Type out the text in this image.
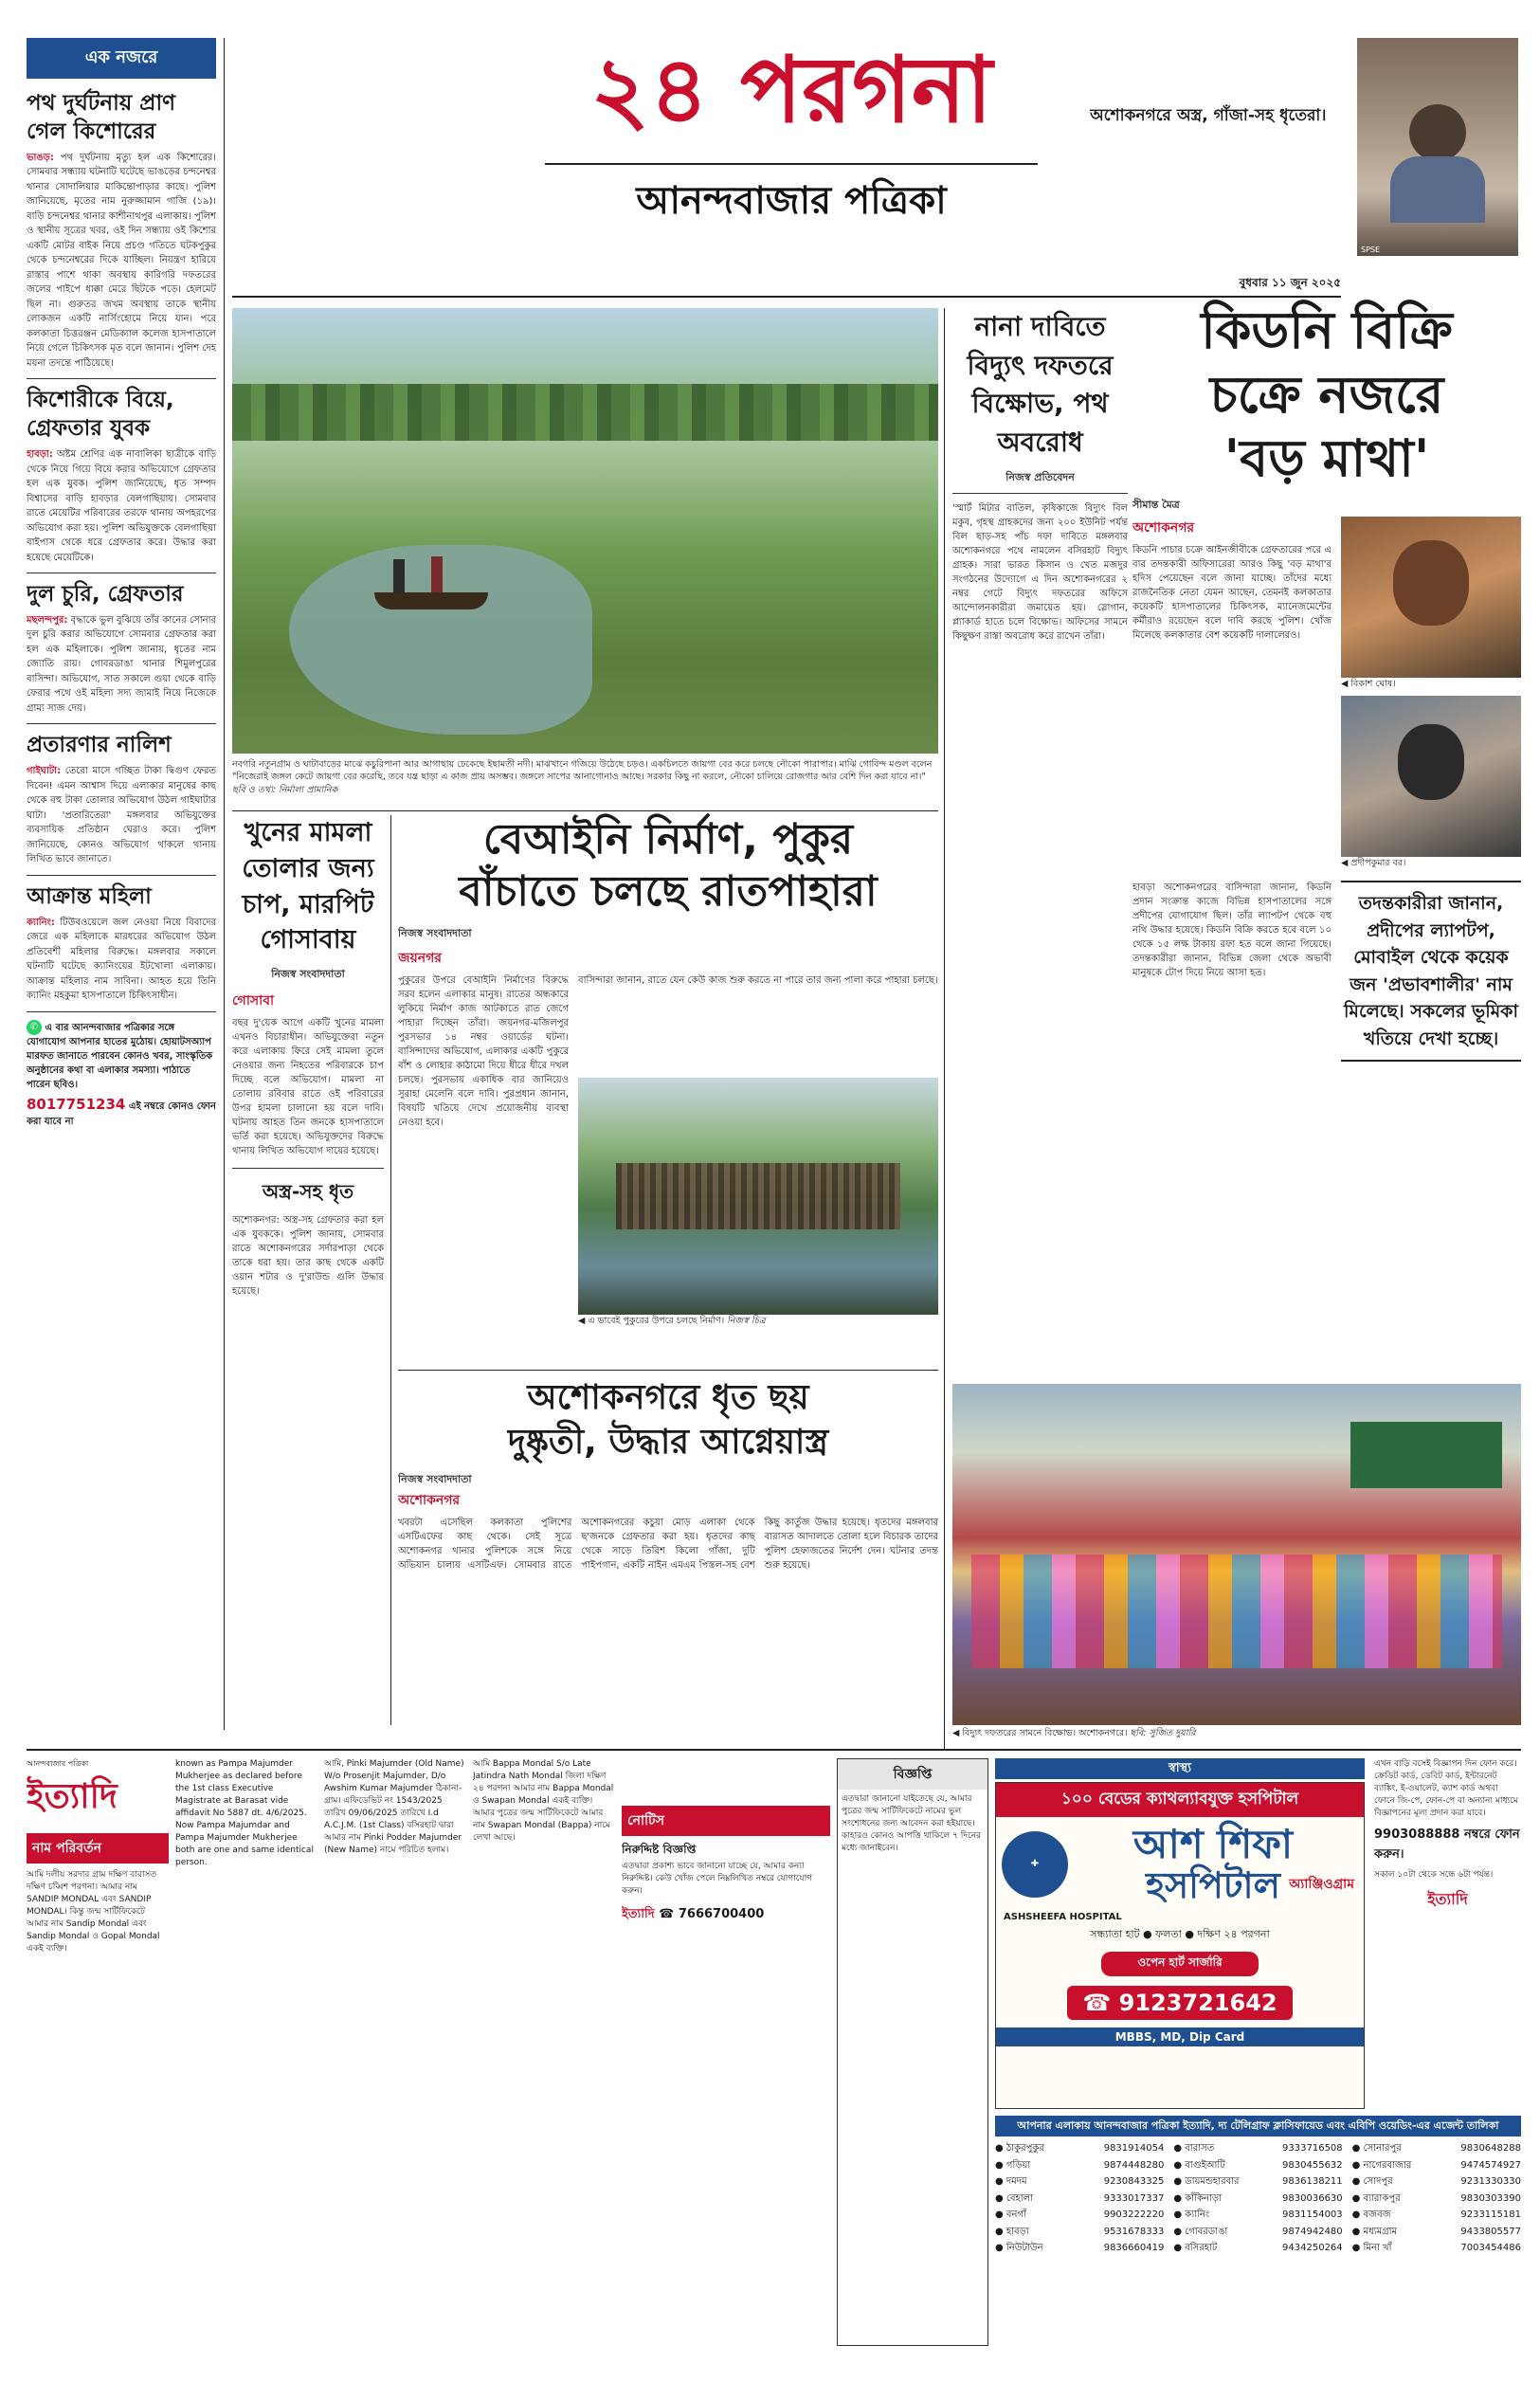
এক নজরে

পথ দুর্ঘটনায় প্রাণ গেল কিশোরের

ভাঙড়: পথ দুর্ঘটনায় মৃত্যু হল এক কিশোরের। সোমবার সন্ধ্যায় ঘটনাটি ঘটেছে ভাঙড়ের চন্দনেশ্বর থানার সোদালিয়ার মাকিন্তোপাড়ার কাছে। পুলিশ জানিয়েছে, মৃতের নাম নুরুজ্জামান গাজি (১৯)। বাড়ি চন্দনেশ্বর থানার কাশীনাথপুর এলাকায়। পুলিশ ও স্থানীয় সূত্রের খবর, ওই দিন সন্ধ্যায় ওই কিশোর একটি মোটর বাইক নিয়ে প্রচণ্ড গতিতে ঘটকপুকুর থেকে চন্দনেশ্বরের দিকে যাচ্ছিল। নিয়ন্ত্রণ হারিয়ে রাস্তার পাশে থাকা অবস্থায় কারিগরি দফতরের জলের পাইপে ধাক্কা মেরে ছিটকে পড়ে। হেলমেট ছিল না। গুরুতর জখম অবস্থায় তাকে স্থানীয় লোকজন একটি নার্সিংহোমে নিয়ে যান। পরে কলকাতা চিত্তরঞ্জন মেডিক্যাল কলেজ হাসপাতালে নিয়ে গেলে চিকিৎসক মৃত বলে জানান। পুলিশ দেহ ময়না তদন্তে পাঠিয়েছে।

কিশোরীকে বিয়ে, গ্রেফতার যুবক

হাবড়া: অষ্টম শ্রেণির এক নাবালিকা ছাত্রীকে বাড়ি থেকে নিয়ে গিয়ে বিয়ে করার অভিযোগে গ্রেফতার হল এক যুবক। পুলিশ জানিয়েছে, ধৃত সম্পদ বিশ্বাসের বাড়ি হাবড়ার বেলগাছিয়ায়। সোমবার রাতে মেয়েটির পরিবারের তরফে থানায় অপহরণের অভিযোগ করা হয়। পুলিশ অভিযুক্তকে বেলগাছিয়া বাইপাস থেকে ধরে গ্রেফতার করে। উদ্ধার করা হয়েছে মেয়েটিকে।

দুল চুরি, গ্রেফতার

মছলন্দপুর: বৃদ্ধাকে ভুল বুঝিয়ে তাঁর কানের সোনার দুল চুরি করার অভিযোগে সোমবার গ্রেফতার করা হল এক মহিলাকে। পুলিশ জানায়, ধৃতের নাম জ্যোতি রায়। গোবরডাঙা থানার শিমুলপুরের বাসিন্দা। অভিযোগ, সাত সকালে গুয়া থেকে বাড়ি ফেরার পথে ওই মহিলা সদ্য জামাই নিয়ে নিজেকে গ্রাম্য সাজ দেয়।

প্রতারণার নালিশ

গাইঘাটা: তেরো মাসে গচ্ছিত টাকা দ্বিগুণ ফেরত দিবেন! এমন আশ্বাস দিয়ে এলাকার মানুষের কাছ থেকে বহু টাকা তোলার অভিযোগ উঠল গাইঘাটার ঘাটা। 'প্রতারিতেরা' মঙ্গলবার অভিযুক্তের ব্যবসায়িক প্রতিষ্ঠান ঘেরাও করে। পুলিশ জানিয়েছে, কোনও অভিযোগ থাকলে থানায় লিখিত ভাবে জানাতে।

আক্রান্ত মহিলা

ক্যানিং: টিউবওয়েলে জল নেওয়া নিয়ে বিবাদের জেরে এক মহিলাকে মারধরের অভিযোগ উঠল প্রতিবেশী মহিলার বিরুদ্ধে। মঙ্গলবার সকালে ঘটনাটি ঘটেছে ক্যানিংয়ের ইটখোলা এলাকায়। আক্রান্ত মহিলার নাম সাবিনা। আহত হয়ে তিনি ক্যানিং মহকুমা হাসপাতালে চিকিৎসাধীন।

✆ এ বার আনন্দবাজার পত্রিকার সঙ্গে যোগাযোগ আপনার হাতের মুঠোয়। হোয়াটসঅ্যাপ মারফত জানাতে পারবেন কোনও খবর, সাংস্কৃতিক অনুষ্ঠানের কথা বা এলাকার সমস্যা। পাঠাতে পারেন ছবিও।
8017751234 এই নম্বরে কোনও ফোন করা যাবে না
২৪ পরগনা
আনন্দবাজার পত্রিকা
বুধবার ১১ জুন ২০২৫
অশোকনগরে অস্ত্র, গাঁজা-সহ ধৃতেরা।
SPSE
নবগরি নতুনগ্রাম ও ঘাটাবাড়ের মাঝে কচুরিপানা আর আগাছায় ঢেকেছে ইছামতী নদী। মাঝখানে গজিয়ে উঠেছে চড়ও। একচিলতে জায়গা বের করে চলছে নৌকো পারাপার। মাঝি গোবিন্দ মণ্ডল বলেন "নিজেরাই জঙ্গল কেটে জায়গা বের করেছি, তবে যন্ত্র ছাড়া এ কাজ প্রায় অসম্ভব। জঙ্গলে সাপের আনাগোনাও আছে। সরকার কিছু না করলে, নৌকো চালিয়ে রোজগার আর বেশি দিন করা যাবে না।" ছবি ও তথ্য: নির্মাল্য প্রামানিক
নানা দাবিতে বিদ্যুৎ দফতরে বিক্ষোভ, পথ অবরোধ
নিজস্ব প্রতিবেদন
'স্মার্ট মিটার বাতিল, কৃষিকাজে বিদ্যুৎ বিল মকুব, গৃহস্থ গ্রাহকদের জন্য ২০০ ইউনিট পর্যন্ত বিল ছাড়-সহ পাঁচ দফা দাবিতে মঙ্গলবার অশোকনগরে পথে নামলেন বসিরহাট বিদ্যুৎ গ্রাহক। সারা ভারত কিসান ও খেত মজদুর সংগঠনের উদ্যোগে এ দিন অশোকনগরের ২ নম্বর গেটে বিদ্যুৎ দফতরের অফিসে আন্দোলনকারীরা জমায়েত হয়। স্লোগান, প্ল্যাকার্ড হাতে চলে বিক্ষোভ। অফিসের সামনে কিছুক্ষণ রাস্তা অবরোধ করে রাখেন তাঁরা।
কিডনি বিক্রি
চক্রে নজরে
'বড় মাথা'
সীমান্ত মৈত্র
অশোকনগর
কিডনি পাচার চক্রে আইনজীবীকে গ্রেফতারের পরে এ বার তদন্তকারী অফিসারেরা আরও কিছু 'বড় মাথা'র হদিস পেয়েছেন বলে জানা যাচ্ছে। তাঁদের মধ্যে রাজনৈতিক নেতা যেমন আছেন, তেমনই কলকাতার কয়েকটি হাসপাতালের চিকিৎসক, ম্যানেজমেন্টের কর্মীরাও রয়েছেন বলে দাবি করছে পুলিশ। খোঁজ মিলেছে কলকাতার বেশ কয়েকটি দালালেরও।
◀ বিকাশ ঘোষ।
◀ প্রদীপকুমার বর।
হাবড়া অশোকনগরের বাসিন্দারা জানান, কিডনি প্রদান সংক্রান্ত কাজে বিভিন্ন হাসপাতালের সঙ্গে প্রদীপের যোগাযোগ ছিল। তাঁর ল্যাপটপ থেকে বহু নথি উদ্ধার হয়েছে। কিডনি বিক্রি করতে হবে বলে ১০ থেকে ১৫ লক্ষ টাকায় রফা হত বলে জানা গিয়েছে। তদন্তকারীরা জানান, বিভিন্ন জেলা থেকে অভাবী মানুষকে টোপ দিয়ে নিয়ে আসা হত।
তদন্তকারীরা জানান, প্রদীপের ল্যাপটপ, মোবাইল থেকে কয়েক জন 'প্রভাবশালীর' নাম মিলেছে। সকলের ভূমিকা খতিয়ে দেখা হচ্ছে।
◀ বিদ্যুৎ দফতরের সামনে বিক্ষোভ। অশোকনগরে। ছবি: সুজিত দুয়ারি
খুনের মামলা তোলার জন্য চাপ, মারপিট গোসাবায়
নিজস্ব সংবাদদাতা
গোসাবা
বছর দু'য়েক আগে একটি খুনের মামলা এখনও বিচারাধীন। অভিযুক্তেরা নতুন করে এলাকায় ফিরে সেই মামলা তুলে নেওয়ার জন্য নিহতের পরিবারকে চাপ দিচ্ছে বলে অভিযোগ। মামলা না তোলায় রবিবার রাতে ওই পরিবারের উপর হামলা চালানো হয় বলে দাবি। ঘটনায় আহত তিন জনকে হাসপাতালে ভর্তি করা হয়েছে। অভিযুক্তদের বিরুদ্ধে থানায় লিখিত অভিযোগ দায়ের হয়েছে।
অস্ত্র-সহ ধৃত
অশোকনগর: অস্ত্র-সহ গ্রেফতার করা হল এক যুবককে। পুলিশ জানায়, সোমবার রাতে অশোকনগরের সর্দারপাড়া থেকে তাকে ধরা হয়। তার কাছ থেকে একটি ওয়ান শটার ও দু'রাউন্ড গুলি উদ্ধার হয়েছে।
বেআইনি নির্মাণ, পুকুর
বাঁচাতে চলছে রাতপাহারা
নিজস্ব সংবাদদাতা
জয়নগর
পুকুরের উপরে বেআইনি নির্মাণের বিরুদ্ধে সরব হলেন এলাকার মানুষ। রাতের অন্ধকারে লুকিয়ে নির্মাণ কাজ আটকাতে রাত জেগে পাহারা দিচ্ছেন তাঁরা। জয়নগর-মজিলপুর পুরসভার ১৪ নম্বর ওয়ার্ডের ঘটনা। বাসিন্দাদের অভিযোগ, এলাকার একটি পুকুরে বাঁশ ও লোহার কাঠামো দিয়ে ধীরে ধীরে দখল চলছে। পুরসভায় একাধিক বার জানিয়েও সুরাহা মেলেনি বলে দাবি। পুরপ্রধান জানান, বিষয়টি খতিয়ে দেখে প্রয়োজনীয় ব্যবস্থা নেওয়া হবে।
বাসিন্দারা জানান, রাতে যেন কেউ কাজ শুরু করতে না পারে তার জন্য পালা করে পাহারা চলছে।
◀ এ ভাবেই পুকুরের উপরে চলছে নির্মাণ। নিজস্ব চিত্র
অশোকনগরে ধৃত ছয়
দুষ্কৃতী, উদ্ধার আগ্নেয়াস্ত্র
নিজস্ব সংবাদদাতা
অশোকনগর
খবরটা এসেছিল কলকাতা পুলিশের এসটিএফের কাছ থেকে। সেই সূত্রে অশোকনগর থানার পুলিশকে সঙ্গে নিয়ে অভিযান চালায় এসটিএফ। সোমবার রাতে অশোকনগরের কচুয়া মোড় এলাকা থেকে ছ'জনকে গ্রেফতার করা হয়। ধৃতদের কাছ থেকে সাড়ে তিরিশ কিলো গাঁজা, দুটি পাইপগান, একটি নাইন এমএম পিস্তল-সহ বেশ কিছু কার্তুজ উদ্ধার হয়েছে। ধৃতদের মঙ্গলবার বারাসত আদালতে তোলা হলে বিচারক তাদের পুলিশ হেফাজতের নির্দেশ দেন। ঘটনার তদন্ত শুরু হয়েছে।
আনন্দবাজার পত্রিকা
ইত্যাদি
নাম পরিবর্তন
আমি দলীয় সরদার গ্রাম দক্ষিণ বারাসত দক্ষিণ চব্বিশ পরগনা। আমার নাম SANDIP MONDAL এবং SANDIP MONDAL। কিন্তু জন্ম সার্টিফিকেটে আমার নাম Sandip Mondal এবং Sandip Mondal ও Gopal Mondal একই ব্যক্তি।
known as Pampa Majumder Mukherjee as declared before the 1st class Executive Magistrate at Barasat vide affidavit No 5887 dt. 4/6/2025. Now Pampa Majumdar and Pampa Majumder Mukherjee both are one and same identical person.
আমি, Pinki Majumder (Old Name) W/o Prosenjit Majumder, D/o Awshim Kumar Majumder ঠিকানা-গ্রাম। এফিডেভিট নং 1543/2025 তারিখ 09/06/2025 তারিখে I.d A.C.J.M. (1st Class) বসিরহাট দ্বারা আমার নাম Pinki Podder Majumder (New Name) নামে পরিচিত হলাম।
আমি Bappa Mondal S/o Late Jatindra Nath Mondal জিলা দক্ষিণ ২৪ পরগনা আমার নাম Bappa Mondal ও Swapan Mondal একই ব্যক্তি। আমার পুত্রের জন্ম সার্টিফিকেটে আমার নাম Swapan Mondal (Bappa) নামে লেখা আছে।
নোটিস
নিরুদ্দিষ্ট বিজ্ঞপ্তি
এতদ্বারা প্রকাশ্য ভাবে জানানো যাচ্ছে যে, আমার কন্যা নিরুদ্দিষ্ট। কেউ খোঁজ পেলে নিম্নলিখিত নম্বরে যোগাযোগ করুন।
ইত্যাদি ☎ 7666700400
বিজ্ঞপ্তি
এতদ্বারা জানানো যাইতেছে যে, আমার পুত্রের জন্ম সার্টিফিকেটে নামের ভুল সংশোধনের জন্য আবেদন করা হইয়াছে। কাহারও কোনও আপত্তি থাকিলে ৭ দিনের মধ্যে জানাইবেন।
স্বাস্থ্য
১০০ বেডের ক্যাথল্যাবযুক্ত হসপিটাল
✚	আশ শিফা
হসপিটাল
ASHSHEEFA HOSPITAL
অ্যাঞ্জিওগ্রাম
সন্ধ্যাতা হাট ● ফলতা ● দক্ষিণ ২৪ পরগনা
ওপেন হার্ট সার্জারি
☎ 9123721642
MBBS, MD, Dip Card
এখন বাড়ি বসেই বিজ্ঞাপন দিন ফোন করে। ক্রেডিট কার্ড, ডেবিট কার্ড, ইন্টারনেট ব্যাঙ্কিং, ই-ওয়ালেট, ক্যাশ কার্ড অথবা ফোনে জি-পে, ফোন-পে বা অন্যান্য মাধ্যমে বিজ্ঞাপনের মূল্য প্রদান করা যাবে।
9903088888 নম্বরে ফোন করুন।
সকাল ১০টা থেকে সন্ধে ৬টা পর্যন্ত।
ইত্যাদি
আপনার এলাকায় আনন্দবাজার পত্রিকা ইত্যাদি, দ্য টেলিগ্রাফ ক্লাসিফায়েড এবং এবিপি ওয়েডিং-এর এজেন্ট তালিকা
● ঠাকুরপুকুর	9831914054 ● বারাসত	9333716508 ● সোনারপুর	9830648288
● গড়িয়া	9874448280 ● বাগুইআটি	9830455632 ● নাগেরবাজার	9474574927
● দমদম	9230843325 ● ডায়মন্ডহারবার	9836138211 ● সোদপুর	9231330330
● বেহালা	9333017337 ● কাঁকিনাড়া	9830036630 ● ব্যারাকপুর	9830303390
● বনগাঁ	9903222220 ● ক্যানিং	9831154003 ● বজবজ	9233115181
● হাবড়া	9531678333 ● গোবরডাঙা	9874942480 ● মধ্যমগ্রাম	9433805577
● নিউটাউন	9836660419 ● বসিরহাট	9434250264 ● মিনা খাঁ	7003454486
